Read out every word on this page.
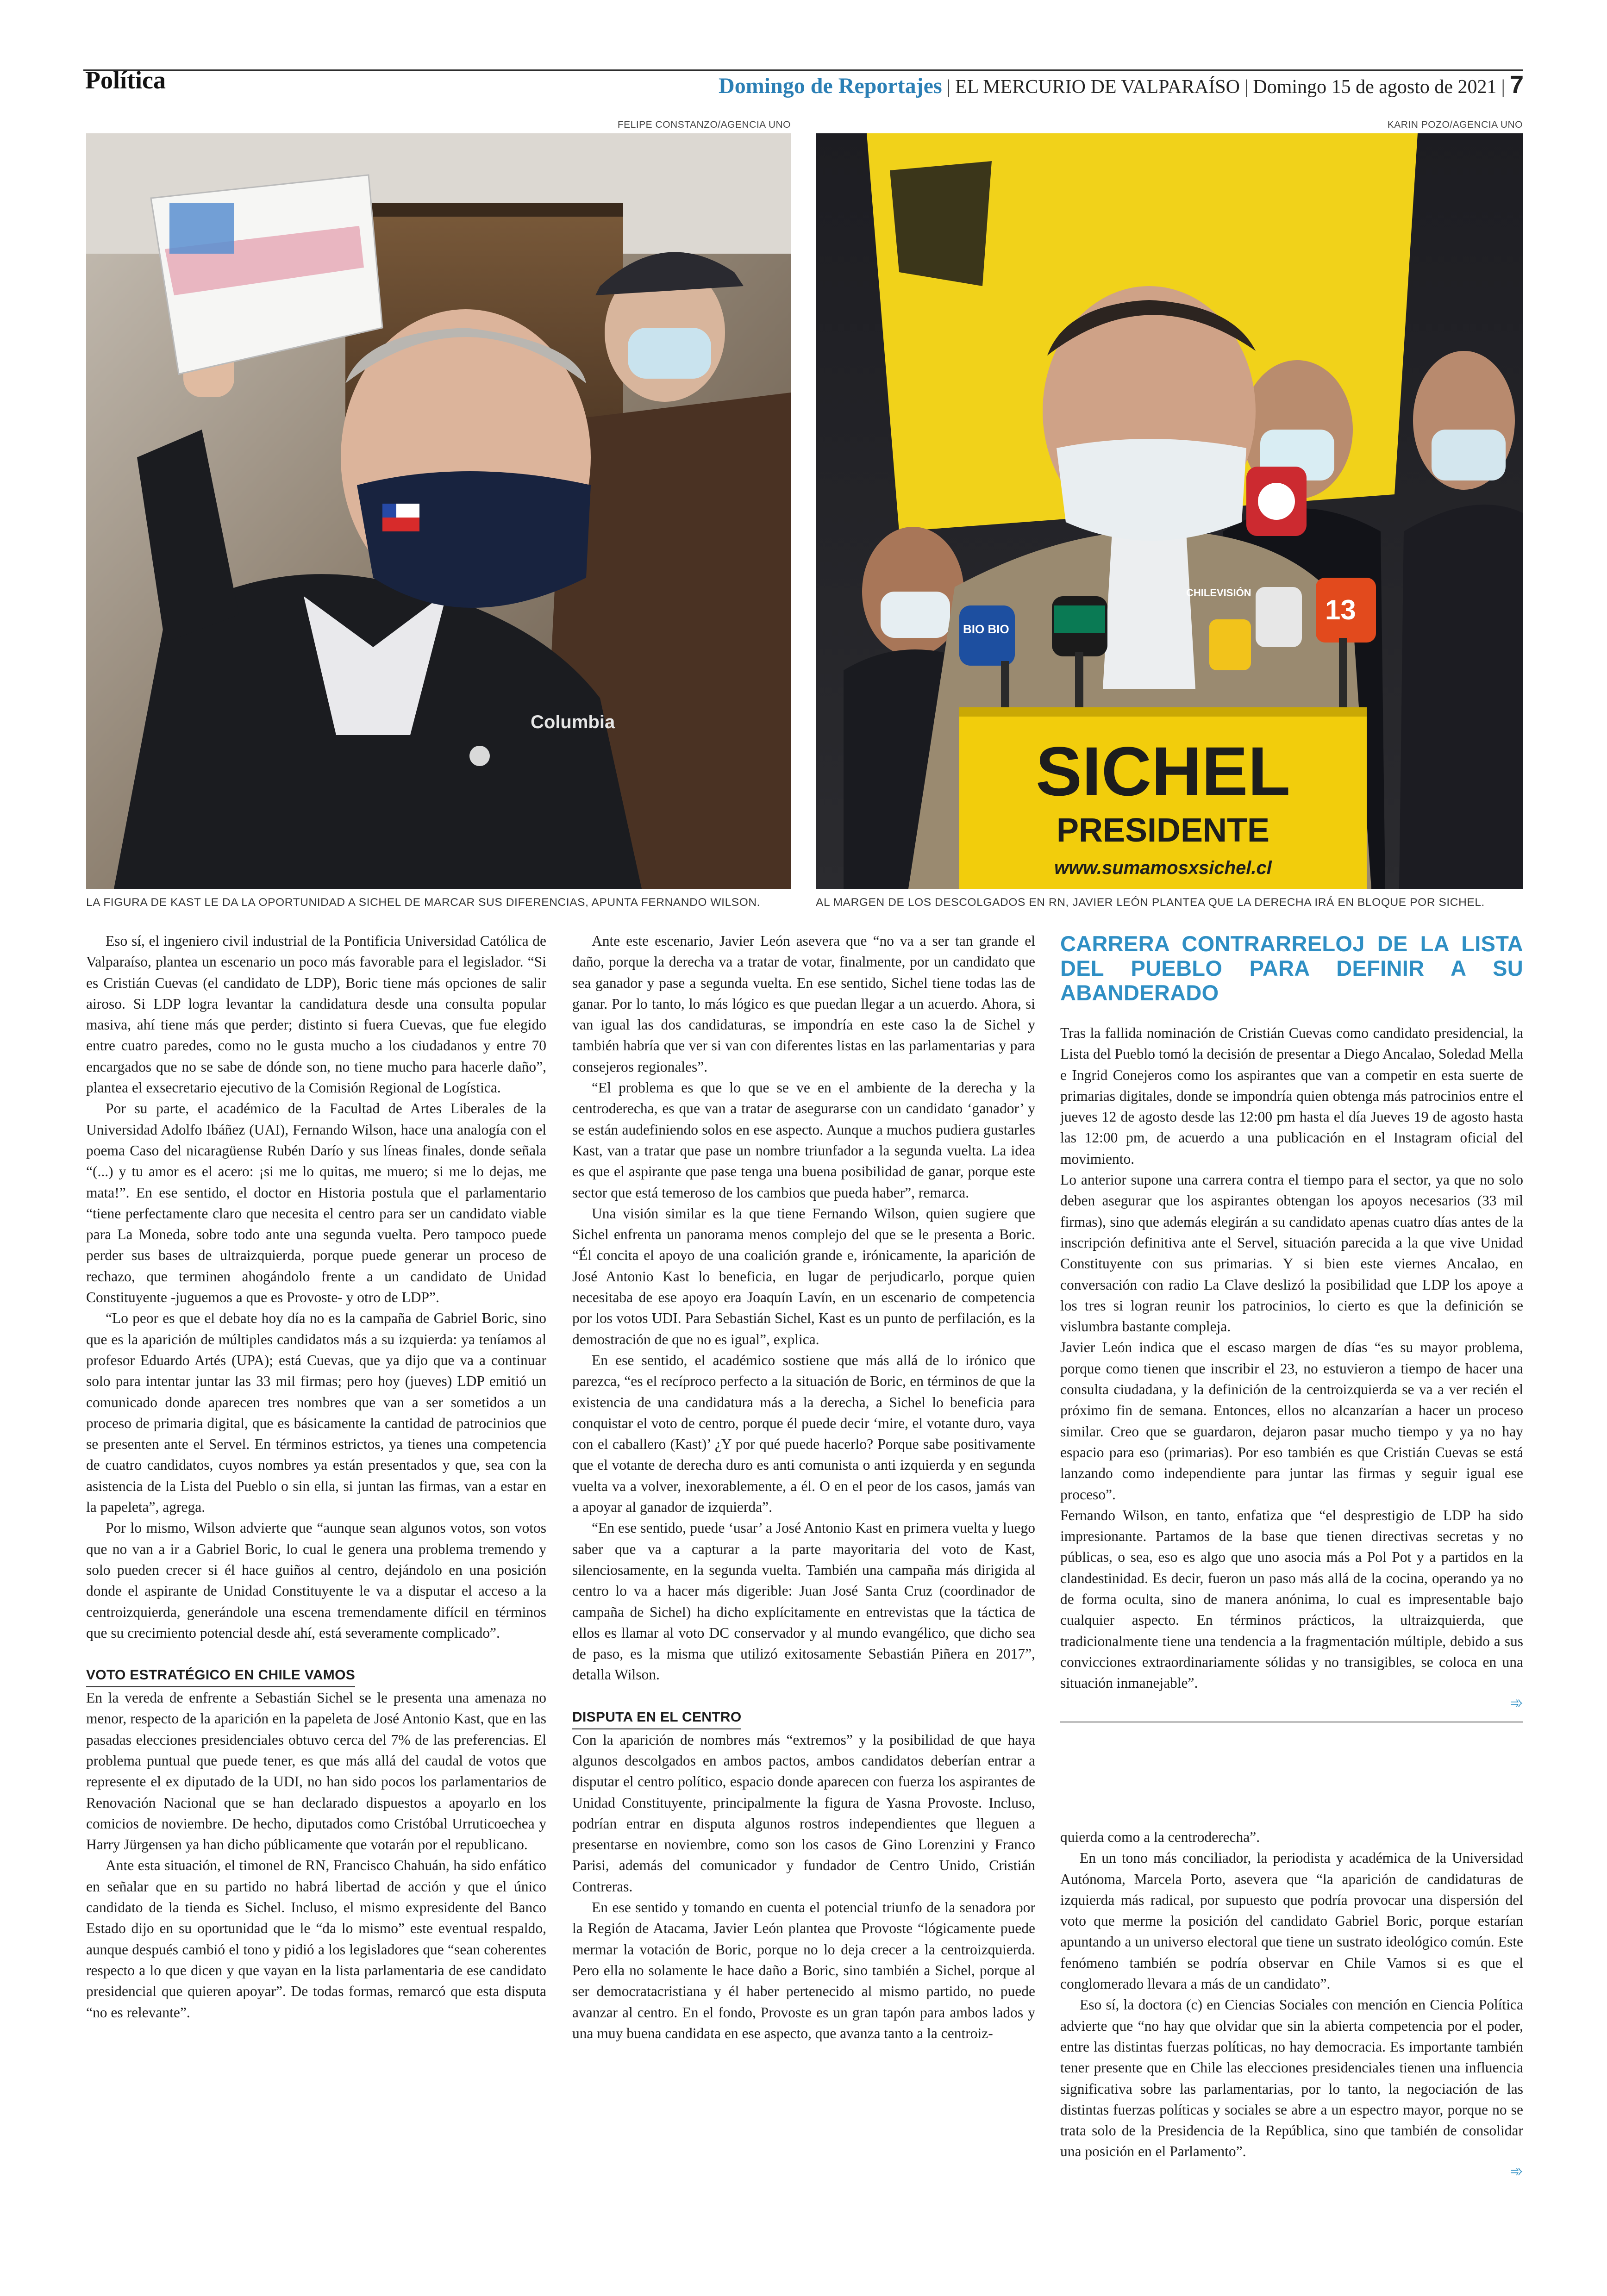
Política	Domingo de Reportajes | EL MERCURIO DE VALPARAÍSO | Domingo 15 de agosto de 2021 | 7
FELIPE CONSTANZO/AGENCIA UNO
Columbia
LA FIGURA DE KAST LE DA LA OPORTUNIDAD A SICHEL DE MARCAR SUS DIFERENCIAS, APUNTA FERNANDO WILSON.
KARIN POZO/AGENCIA UNO
BIO BIO
13
CHILEVISIÓN
SICHEL
PRESIDENTE
www.sumamosxsichel.cl
AL MARGEN DE LOS DESCOLGADOS EN RN, JAVIER LEÓN PLANTEA QUE LA DERECHA IRÁ EN BLOQUE POR SICHEL.

Eso sí, el ingeniero civil industrial de la Pontificia Universidad Católica de Valparaíso, plantea un escenario un poco más favorable para el legislador. “Si es Cristián Cuevas (el candidato de LDP), Boric tiene más opciones de salir airoso. Si LDP logra levantar la candidatura desde una consulta popular masiva, ahí tiene más que perder; distinto si fuera Cuevas, que fue elegido entre cuatro paredes, como no le gusta mucho a los ciudadanos y entre 70 encargados que no se sabe de dónde son, no tiene mucho para hacerle daño”, plantea el exsecretario ejecutivo de la Comisión Regional de Logística.

Por su parte, el académico de la Facultad de Artes Liberales de la Universidad Adolfo Ibáñez (UAI), Fernando Wilson, hace una analogía con el poema Caso del nicaragüense Rubén Darío y sus líneas finales, donde señala “(...) y tu amor es el acero: ¡si me lo quitas, me muero; si me lo dejas, me mata!”. En ese sentido, el doctor en Historia postula que el parlamentario “tiene perfectamente claro que necesita el centro para ser un candidato viable para La Moneda, sobre todo ante una segunda vuelta. Pero tampoco puede perder sus bases de ultraizquierda, porque puede generar un proceso de rechazo, que terminen ahogándolo frente a un candidato de Unidad Constituyente -juguemos a que es Provoste- y otro de LDP”.

“Lo peor es que el debate hoy día no es la campaña de Gabriel Boric, sino que es la aparición de múltiples candidatos más a su izquierda: ya teníamos al profesor Eduardo Artés (UPA); está Cuevas, que ya dijo que va a continuar solo para intentar juntar las 33 mil firmas; pero hoy (jueves) LDP emitió un comunicado donde aparecen tres nombres que van a ser sometidos a un proceso de primaria digital, que es básicamente la cantidad de patrocinios que se presenten ante el Servel. En términos estrictos, ya tienes una competencia de cuatro candidatos, cuyos nombres ya están presentados y que, sea con la asistencia de la Lista del Pueblo o sin ella, si juntan las firmas, van a estar en la papeleta”, agrega.

Por lo mismo, Wilson advierte que “aunque sean algunos votos, son votos que no van a ir a Gabriel Boric, lo cual le genera una problema tremendo y solo pueden crecer si él hace guiños al centro, dejándolo en una posición donde el aspirante de Unidad Constituyente le va a disputar el acceso a la centroizquierda, generándole una escena tremendamente difícil en términos que su crecimiento potencial desde ahí, está severamente complicado”.

VOTO ESTRATÉGICO EN CHILE VAMOS

En la vereda de enfrente a Sebastián Sichel se le presenta una amenaza no menor, respecto de la aparición en la papeleta de José Antonio Kast, que en las pasadas elecciones presidenciales obtuvo cerca del 7% de las preferencias. El problema puntual que puede tener, es que más allá del caudal de votos que represente el ex diputado de la UDI, no han sido pocos los parlamentarios de Renovación Nacional que se han declarado dispuestos a apoyarlo en los comicios de noviembre. De hecho, diputados como Cristóbal Urruticoechea y Harry Jürgensen ya han dicho públicamente que votarán por el republicano.

Ante esta situación, el timonel de RN, Francisco Chahuán, ha sido enfático en señalar que en su partido no habrá libertad de acción y que el único candidato de la tienda es Sichel. Incluso, el mismo expresidente del Banco Estado dijo en su oportunidad que le “da lo mismo” este eventual respaldo, aunque después cambió el tono y pidió a los legisladores que “sean coherentes respecto a lo que dicen y que vayan en la lista parlamentaria de ese candidato presidencial que quieren apoyar”. De todas formas, remarcó que esta disputa “no es relevante”.

Ante este escenario, Javier León asevera que “no va a ser tan grande el daño, porque la derecha va a tratar de votar, finalmente, por un candidato que sea ganador y pase a segunda vuelta. En ese sentido, Sichel tiene todas las de ganar. Por lo tanto, lo más lógico es que puedan llegar a un acuerdo. Ahora, si van igual las dos candidaturas, se impondría en este caso la de Sichel y también habría que ver si van con diferentes listas en las parlamentarias y para consejeros regionales”.

“El problema es que lo que se ve en el ambiente de la derecha y la centroderecha, es que van a tratar de asegurarse con un candidato ‘ganador’ y se están audefiniendo solos en ese aspecto. Aunque a muchos pudiera gustarles Kast, van a tratar que pase un nombre triunfador a la segunda vuelta. La idea es que el aspirante que pase tenga una buena posibilidad de ganar, porque este sector que está temeroso de los cambios que pueda haber”, remarca.

Una visión similar es la que tiene Fernando Wilson, quien sugiere que Sichel enfrenta un panorama menos complejo del que se le presenta a Boric. “Él concita el apoyo de una coalición grande e, irónicamente, la aparición de José Antonio Kast lo beneficia, en lugar de perjudicarlo, porque quien necesitaba de ese apoyo era Joaquín Lavín, en un escenario de competencia por los votos UDI. Para Sebastián Sichel, Kast es un punto de perfilación, es la demostración de que no es igual”, explica.

En ese sentido, el académico sostiene que más allá de lo irónico que parezca, “es el recíproco perfecto a la situación de Boric, en términos de que la existencia de una candidatura más a la derecha, a Sichel lo beneficia para conquistar el voto de centro, porque él puede decir ‘mire, el votante duro, vaya con el caballero (Kast)’ ¿Y por qué puede hacerlo? Porque sabe positivamente que el votante de derecha duro es anti comunista o anti izquierda y en segunda vuelta va a volver, inexorablemente, a él. O en el peor de los casos, jamás van a apoyar al ganador de izquierda”.

“En ese sentido, puede ‘usar’ a José Antonio Kast en primera vuelta y luego saber que va a capturar a la parte mayoritaria del voto de Kast, silenciosamente, en la segunda vuelta. También una campaña más dirigida al centro lo va a hacer más digerible: Juan José Santa Cruz (coordinador de campaña de Sichel) ha dicho explícitamente en entrevistas que la táctica de ellos es llamar al voto DC conservador y al mundo evangélico, que dicho sea de paso, es la misma que utilizó exitosamente Sebastián Piñera en 2017”, detalla Wilson.

DISPUTA EN EL CENTRO

Con la aparición de nombres más “extremos” y la posibilidad de que haya algunos descolgados en ambos pactos, ambos candidatos deberían entrar a disputar el centro político, espacio donde aparecen con fuerza los aspirantes de Unidad Constituyente, principalmente la figura de Yasna Provoste. Incluso, podrían entrar en disputa algunos rostros independientes que lleguen a presentarse en noviembre, como son los casos de Gino Lorenzini y Franco Parisi, además del comunicador y fundador de Centro Unido, Cristián Contreras.

En ese sentido y tomando en cuenta el potencial triunfo de la senadora por la Región de Atacama, Javier León plantea que Provoste “lógicamente puede mermar la votación de Boric, porque no lo deja crecer a la centroizquierda. Pero ella no solamente le hace daño a Boric, sino también a Sichel, porque al ser democratacristiana y él haber pertenecido al mismo partido, no puede avanzar al centro. En el fondo, Provoste es un gran tapón para ambos lados y una muy buena candidata en ese aspecto, que avanza tanto a la centroiz-

CARRERA CONTRARRELOJ DE LA LISTA DEL PUEBLO PARA DEFINIR A SU ABANDERADO

Tras la fallida nominación de Cristián Cuevas como candidato presidencial, la Lista del Pueblo tomó la decisión de presentar a Diego Ancalao, Soledad Mella e Ingrid Conejeros como los aspirantes que van a competir en esta suerte de primarias digitales, donde se impondría quien obtenga más patrocinios entre el jueves 12 de agosto desde las 12:00 pm hasta el día Jueves 19 de agosto hasta las 12:00 pm, de acuerdo a una publicación en el Instagram oficial del movimiento.

Lo anterior supone una carrera contra el tiempo para el sector, ya que no solo deben asegurar que los aspirantes obtengan los apoyos necesarios (33 mil firmas), sino que además elegirán a su candidato apenas cuatro días antes de la inscripción definitiva ante el Servel, situación parecida a la que vive Unidad Constituyente con sus primarias. Y si bien este viernes Ancalao, en conversación con radio La Clave deslizó la posibilidad que LDP los apoye a los tres si logran reunir los patrocinios, lo cierto es que la definición se vislumbra bastante compleja.

Javier León indica que el escaso margen de días “es su mayor problema, porque como tienen que inscribir el 23, no estuvieron a tiempo de hacer una consulta ciudadana, y la definición de la centroizquierda se va a ver recién el próximo fin de semana. Entonces, ellos no alcanzarían a hacer un proceso similar. Creo que se guardaron, dejaron pasar mucho tiempo y ya no hay espacio para eso (primarias). Por eso también es que Cristián Cuevas se está lanzando como independiente para juntar las firmas y seguir igual ese proceso”.

Fernando Wilson, en tanto, enfatiza que “el desprestigio de LDP ha sido impresionante. Partamos de la base que tienen directivas secretas y no públicas, o sea, eso es algo que uno asocia más a Pol Pot y a partidos en la clandestinidad. Es decir, fueron un paso más allá de la cocina, operando ya no de forma oculta, sino de manera anónima, lo cual es impresentable bajo cualquier aspecto. En términos prácticos, la ultraizquierda, que tradicionalmente tiene una tendencia a la fragmentación múltiple, debido a sus convicciones extraordinariamente sólidas y no transigibles, se coloca en una situación inmanejable”.

➾

quierda como a la centroderecha”.

En un tono más conciliador, la periodista y académica de la Universidad Autónoma, Marcela Porto, asevera que “la aparición de candidaturas de izquierda más radical, por supuesto que podría provocar una dispersión del voto que merme la posición del candidato Gabriel Boric, porque estarían apuntando a un universo electoral que tiene un sustrato ideológico común. Este fenómeno también se podría observar en Chile Vamos si es que el conglomerado llevara a más de un candidato”.

Eso sí, la doctora (c) en Ciencias Sociales con mención en Ciencia Política advierte que “no hay que olvidar que sin la abierta competencia por el poder, entre las distintas fuerzas políticas, no hay democracia. Es importante también tener presente que en Chile las elecciones presidenciales tienen una influencia significativa sobre las parlamentarias, por lo tanto, la negociación de las distintas fuerzas políticas y sociales se abre a un espectro mayor, porque no se trata solo de la Presidencia de la República, sino que también de consolidar una posición en el Parlamento”.

➾
